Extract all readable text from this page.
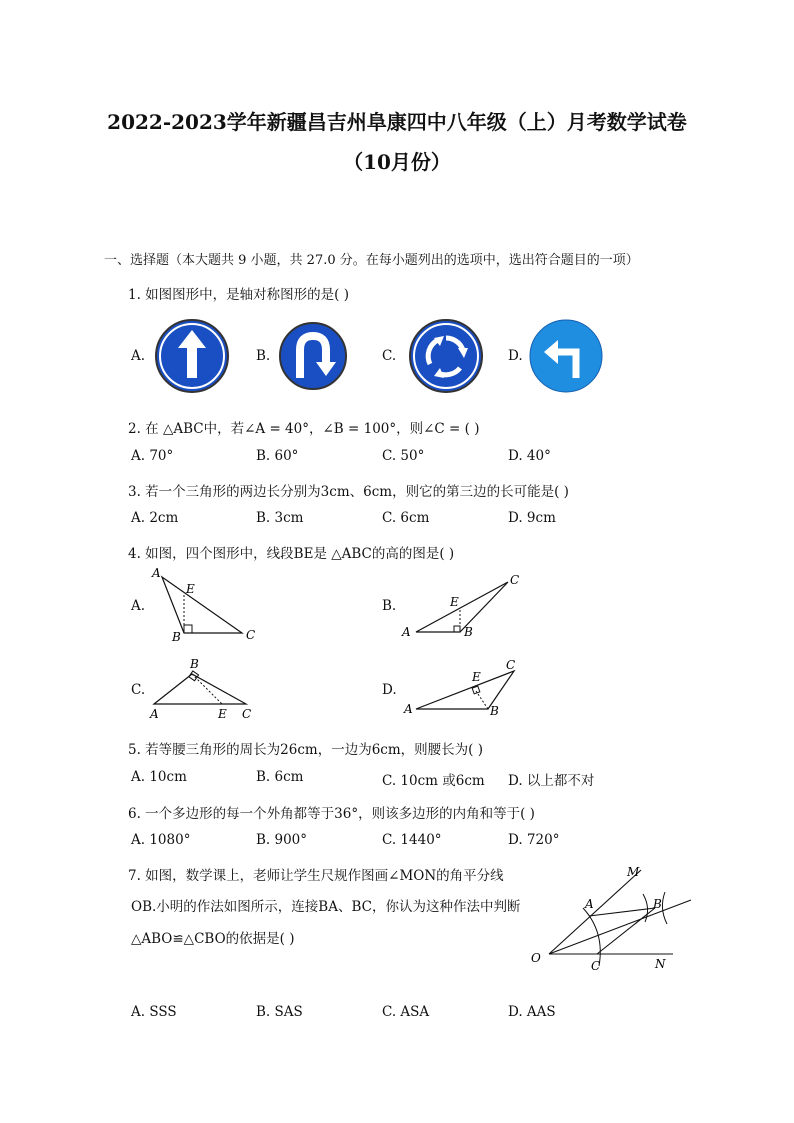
2022-2023学年新疆昌吉州阜康四中八年级（上）月考数学试卷
（10月份）
一、选择题（本大题共 9 小题，共 27.0 分。在每小题列出的选项中，选出符合题目的一项）
1. 如图图形中，是轴对称图形的是( )
A.	B.	C.	D.
2. 在 △ABC中，若∠A = 40°，∠B = 100°，则∠C = ( )
A. 70°	B. 60°	C. 50°	D. 40°
3. 若一个三角形的两边长分别为3cm、6cm，则它的第三边的长可能是( )
A. 2cm	B. 3cm	C. 6cm	D. 9cm
4. 如图，四个图形中，线段BE是 △ABC的高的图是( )
A.	B.
C.	D.
A
E
B	C
C
E
A	B
B
A	E C
C
E
A	B
5. 若等腰三角形的周长为26cm，一边为6cm，则腰长为( )
A. 10cm	B. 6cm	C. 10cm 或6cm D. 以上都不对
6. 一个多边形的每一个外角都等于36°，则该多边形的内角和等于( )
A. 1080°	B. 900°	C. 1440°	D. 720°
7. 如图，数学课上，老师让学生尺规作图画∠MON的角平分线
OB.小明的作法如图所示，连接BA、BC，你认为这种作法中判断
△ABO≌△CBO的依据是( )
A. SSS	B. SAS	C. ASA	D. AAS
M
A	B
O
C	N
